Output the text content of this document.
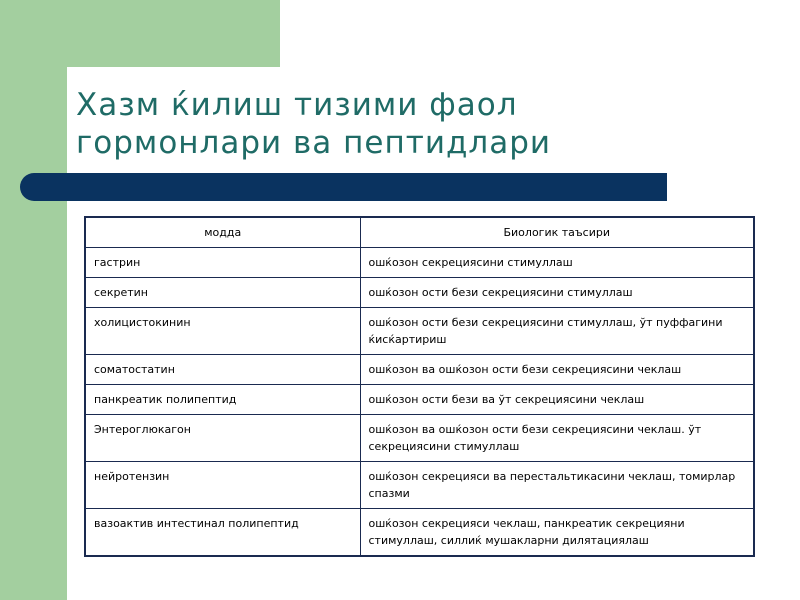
Хазм ќилиш тизими фаол
гормонлари ва пептидлари
модда	Биологик таъсири
гастрин	ошќозон секрециясини стимуллаш
секретин	ошќозон ости бези секрециясини стимуллаш
холицистокинин	ошќозон ости бези секрециясини стимуллаш, ўт пуффагини ќисќартириш
соматостатин	ошќозон ва ошќозон ости бези секрециясини чеклаш
панкреатик полипептид	ошќозон ости бези ва ўт секрециясини чеклаш
Энтероглюкагон	ошќозон ва ошќозон ости бези секрециясини чеклаш. ўт секрециясини стимуллаш
нейротензин	ошќозон секрецияси ва перестальтикасини чеклаш, томирлар спазми
вазоактив интестинал полипептид	ошќозон секрецияси чеклаш, панкреатик секрецияни стимуллаш, силлиќ мушакларни дилятациялаш
